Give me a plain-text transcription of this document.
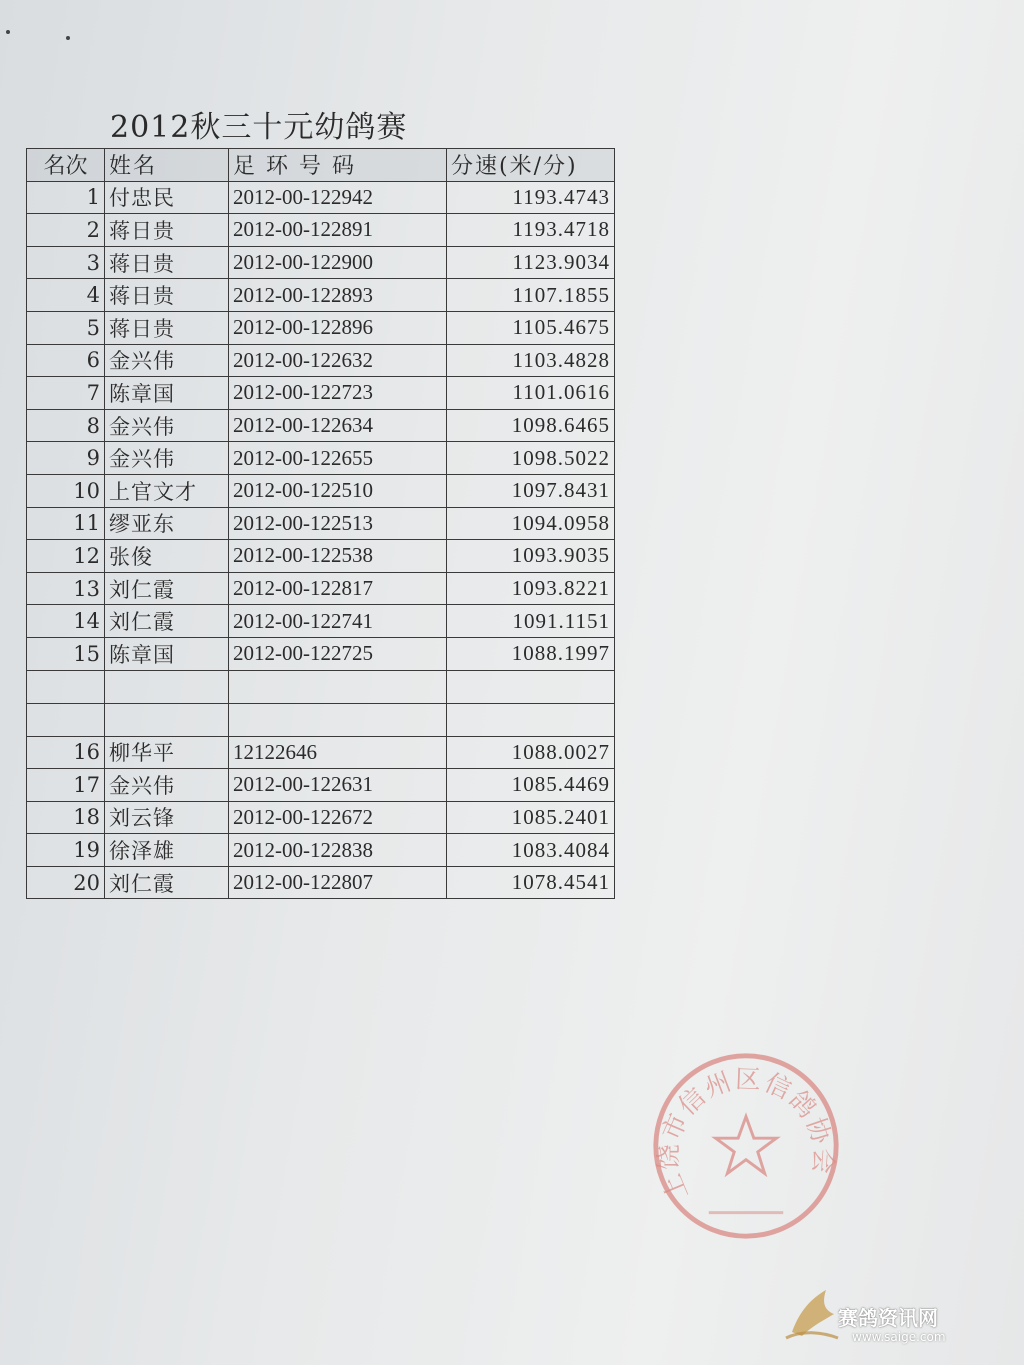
2012秋三十元幼鸽赛
名次	姓名	足 环 号 码	分速(米/分)
1	付忠民	2012-00-122942	1193.4743
2	蒋日贵	2012-00-122891	1193.4718
3	蒋日贵	2012-00-122900	1123.9034
4	蒋日贵	2012-00-122893	1107.1855
5	蒋日贵	2012-00-122896	1105.4675
6	金兴伟	2012-00-122632	1103.4828
7	陈章国	2012-00-122723	1101.0616
8	金兴伟	2012-00-122634	1098.6465
9	金兴伟	2012-00-122655	1098.5022
10	上官文才	2012-00-122510	1097.8431
11	缪亚东	2012-00-122513	1094.0958
12	张俊	2012-00-122538	1093.9035
13	刘仁霞	2012-00-122817	1093.8221
14	刘仁霞	2012-00-122741	1091.1151
15	陈章国	2012-00-122725	1088.1997

16	柳华平	12122646	1088.0027
17	金兴伟	2012-00-122631	1085.4469
18	刘云锋	2012-00-122672	1085.2401
19	徐泽雄	2012-00-122838	1083.4084
20	刘仁霞	2012-00-122807	1078.4541
上饶市信州区信鸽协会
赛鸽资讯网
www.saige.com
